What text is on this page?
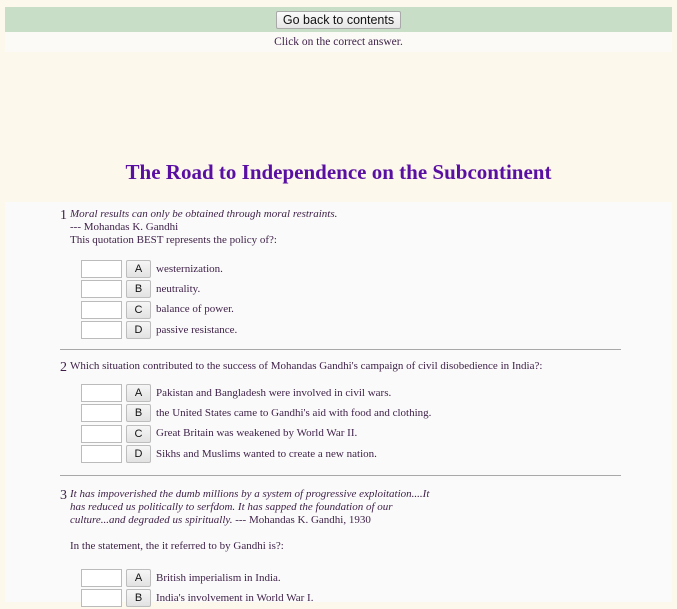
Go back to contents
Click on the correct answer.
The Road to Independence on the Subcontinent
1 Moral results can only be obtained through moral restraints.
--- Mohandas K. Gandhi
This quotation BEST represents the policy of?:
A	westernization.
B	neutrality.
C	balance of power.
D	passive resistance.
2 Which situation contributed to the success of Mohandas Gandhi's campaign of civil disobedience in India?:
A	Pakistan and Bangladesh were involved in civil wars.
B	the United States came to Gandhi's aid with food and clothing.
C	Great Britain was weakened by World War II.
D	Sikhs and Muslims wanted to create a new nation.
3 It has impoverished the dumb millions by a system of progressive exploitation....It
has reduced us politically to serfdom. It has sapped the foundation of our
culture...and degraded us spiritually. --- Mohandas K. Gandhi, 1930
In the statement, the it referred to by Gandhi is?:
A	British imperialism in India.
B	India's involvement in World War I.
